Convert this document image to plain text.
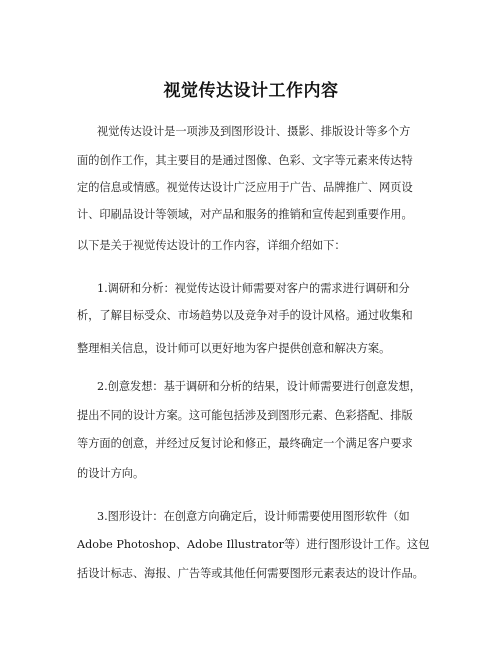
视觉传达设计工作内容
视觉传达设计是一项涉及到图形设计、摄影、排版设计等多个方
面的创作工作，其主要目的是通过图像、色彩、文字等元素来传达特
定的信息或情感。视觉传达设计广泛应用于广告、品牌推广、网页设
计、印刷品设计等领域，对产品和服务的推销和宣传起到重要作用。
以下是关于视觉传达设计的工作内容，详细介绍如下：
1.调研和分析：视觉传达设计师需要对客户的需求进行调研和分
析，了解目标受众、市场趋势以及竞争对手的设计风格。通过收集和
整理相关信息，设计师可以更好地为客户提供创意和解决方案。
2.创意发想：基于调研和分析的结果，设计师需要进行创意发想，
提出不同的设计方案。这可能包括涉及到图形元素、色彩搭配、排版
等方面的创意，并经过反复讨论和修正，最终确定一个满足客户要求
的设计方向。
3.图形设计：在创意方向确定后，设计师需要使用图形软件（如
Adobe Photoshop、Adobe Illustrator等）进行图形设计工作。这包
括设计标志、海报、广告等或其他任何需要图形元素表达的设计作品。
